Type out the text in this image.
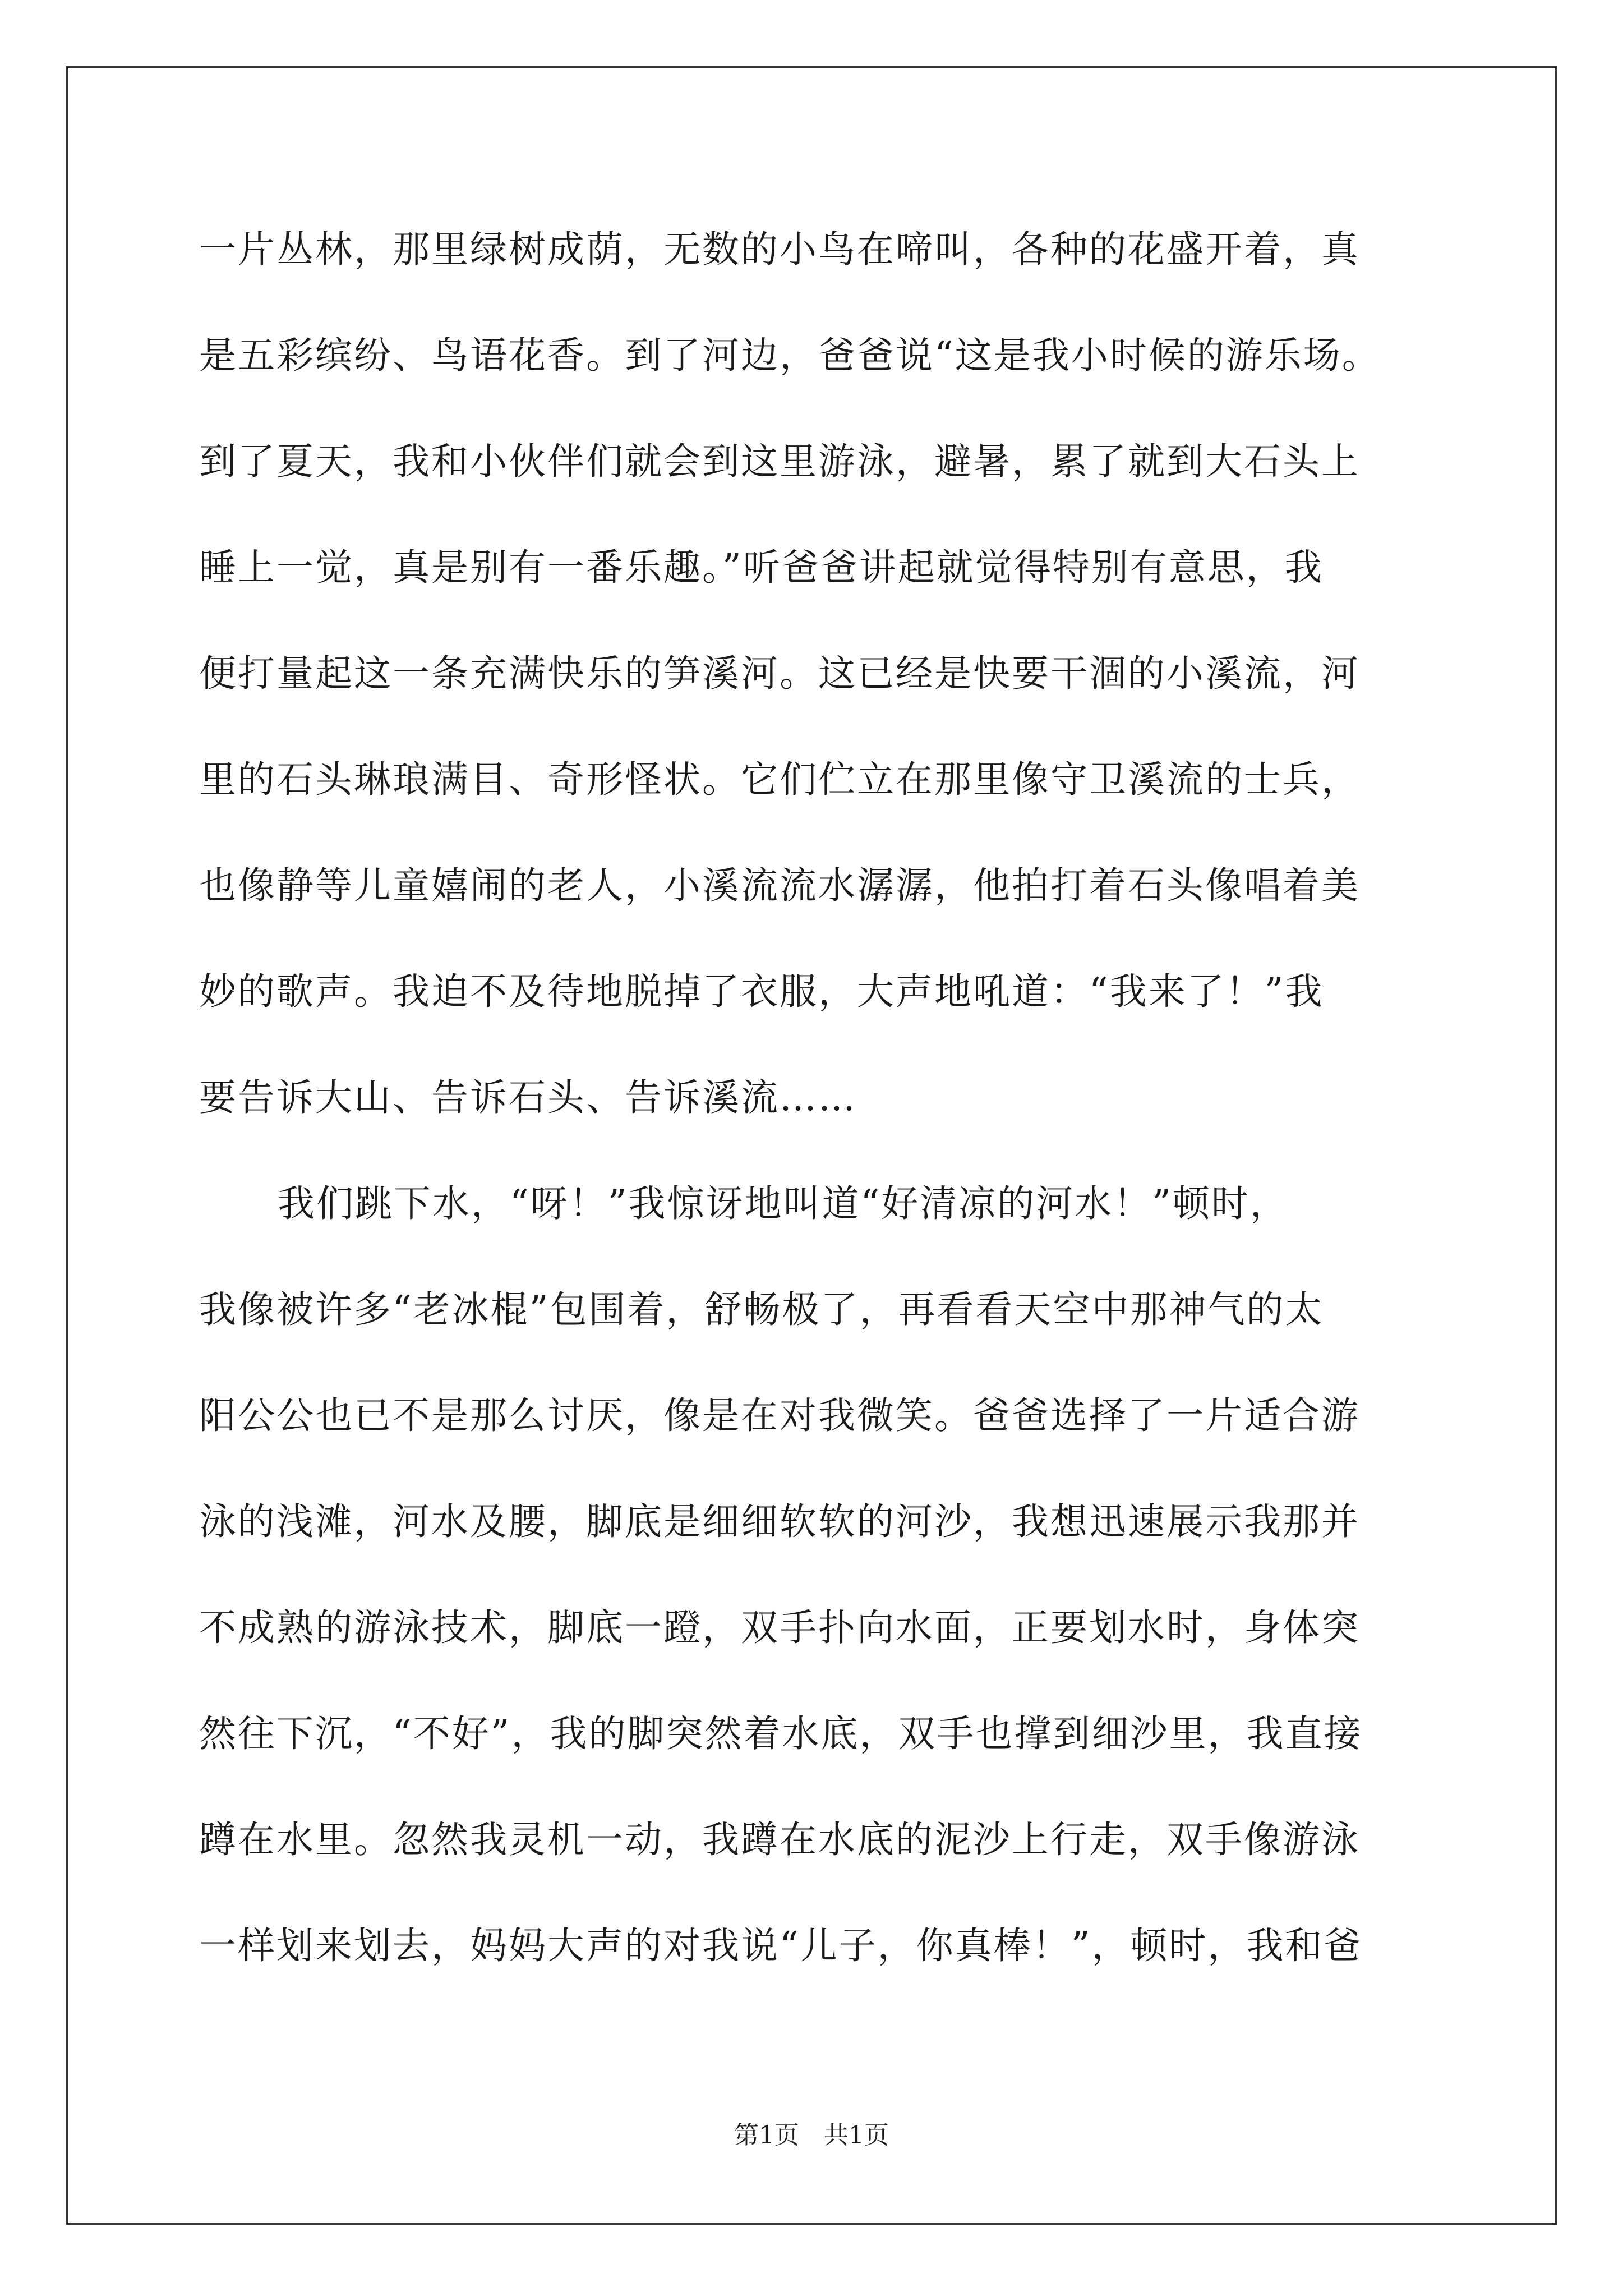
一片丛林，那里绿树成荫，无数的小鸟在啼叫，各种的花盛开着，真
是五彩缤纷、鸟语花香。到了河边，爸爸说“这是我小时候的游乐场。
到了夏天，我和小伙伴们就会到这里游泳，避暑，累了就到大石头上
睡上一觉，真是别有一番乐趣。”听爸爸讲起就觉得特别有意思，我
便打量起这一条充满快乐的笋溪河。这已经是快要干涸的小溪流，河
里的石头琳琅满目、奇形怪状。它们伫立在那里像守卫溪流的士兵，
也像静等儿童嬉闹的老人，小溪流流水潺潺，他拍打着石头像唱着美
妙的歌声。我迫不及待地脱掉了衣服，大声地吼道：“我来了！”我
要告诉大山、告诉石头、告诉溪流……
我们跳下水，“呀！”我惊讶地叫道“好清凉的河水！”顿时，
我像被许多“老冰棍”包围着，舒畅极了，再看看天空中那神气的太
阳公公也已不是那么讨厌，像是在对我微笑。爸爸选择了一片适合游
泳的浅滩，河水及腰，脚底是细细软软的河沙，我想迅速展示我那并
不成熟的游泳技术，脚底一蹬，双手扑向水面，正要划水时，身体突
然往下沉，“不好”，我的脚突然着水底，双手也撑到细沙里，我直接
蹲在水里。忽然我灵机一动，我蹲在水底的泥沙上行走，双手像游泳
一样划来划去，妈妈大声的对我说“儿子，你真棒！”，顿时，我和爸
第1页　共1页
